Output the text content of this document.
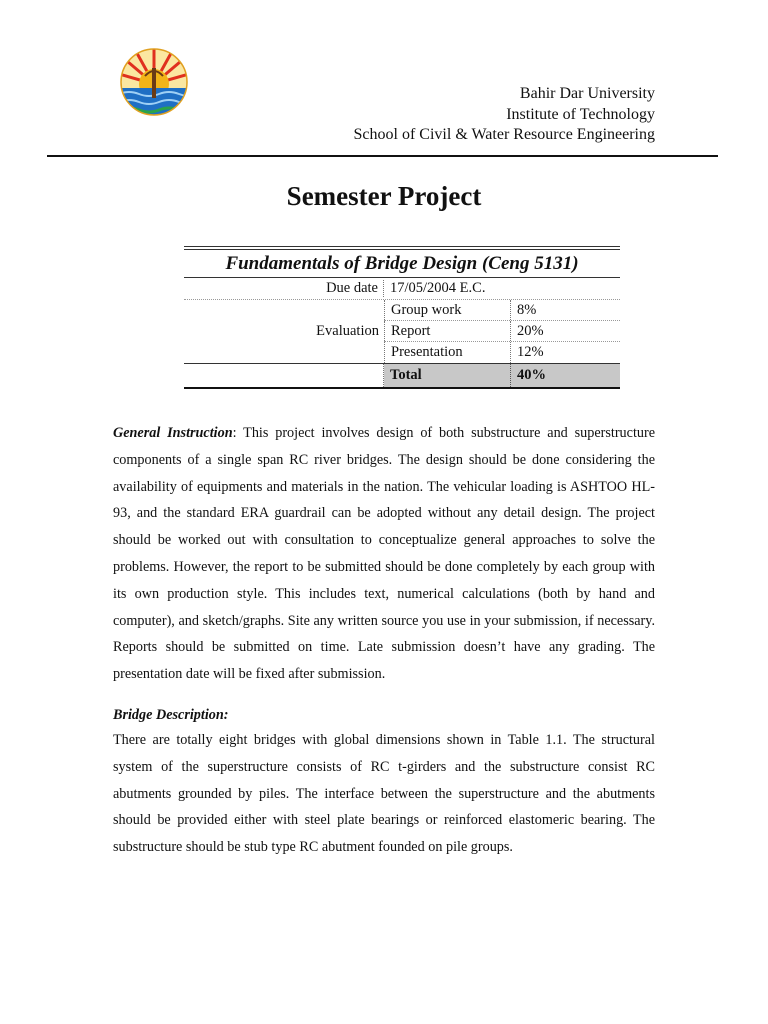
Bahir Dar University
Institute of Technology
School of Civil & Water Resource Engineering
Semester Project
Fundamentals of Bridge Design (Ceng 5131)
Due date 17/05/2004 E.C.
Evaluation
Group work	8%
Report	20%
Presentation	12%
Total	40%

General Instruction: This project involves design of both substructure and superstructure components of a single span RC river bridges. The design should be done considering the availability of equipments and materials in the nation. The vehicular loading is ASHTOO HL-93, and the standard ERA guardrail can be adopted without any detail design. The project should be worked out with consultation to conceptualize general approaches to solve the problems. However, the report to be submitted should be done completely by each group with its own production style. This includes text, numerical calculations (both by hand and computer), and sketch/graphs. Site any written source you use in your submission, if necessary. Reports should be submitted on time. Late submission doesn’t have any grading. The presentation date will be fixed after submission.

Bridge Description:

There are totally eight bridges with global dimensions shown in Table 1.1. The structural system of the superstructure consists of RC t-girders and the substructure consist RC abutments grounded by piles. The interface between the superstructure and the abutments should be provided either with steel plate bearings or reinforced elastomeric bearing. The substructure should be stub type RC abutment founded on pile groups.
